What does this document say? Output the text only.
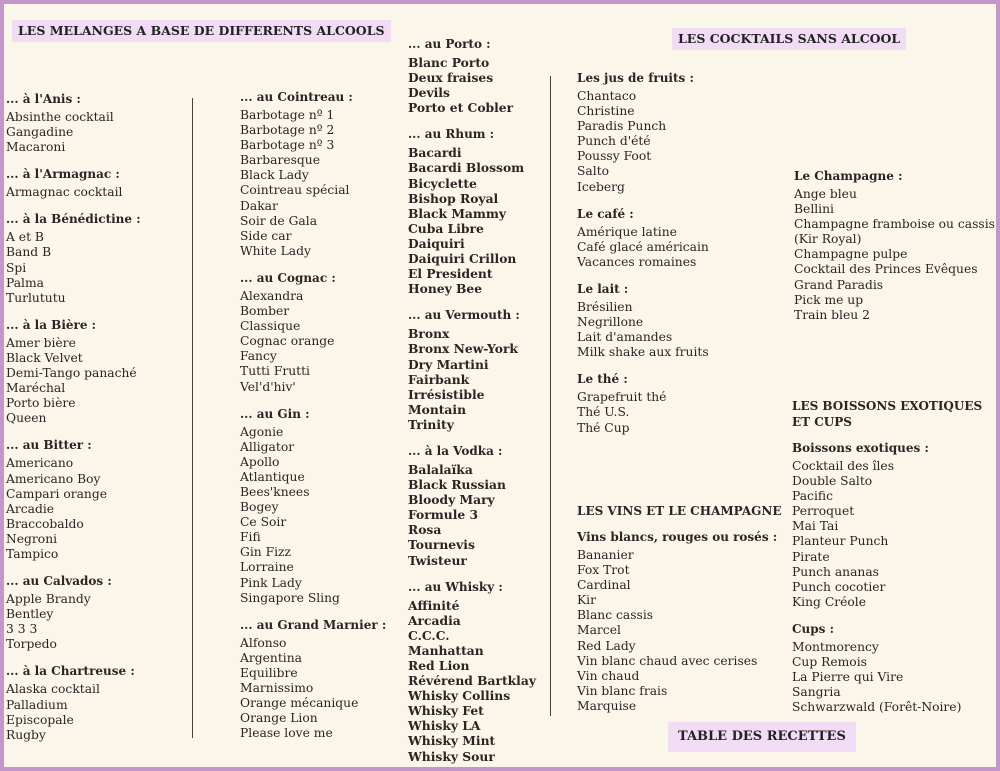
LES MELANGES A BASE DE DIFFERENTS ALCOOLS
LES COCKTAILS SANS ALCOOL
TABLE DES RECETTES
... à l'Anis :
Absinthe cocktail
Gangadine
Macaroni
... à l'Armagnac :
Armagnac cocktail
... à la Bénédictine :
A et B
Band B
Spi
Palma
Turlututu
... à la Bière :
Amer bière
Black Velvet
Demi-Tango panaché
Maréchal
Porto bière
Queen
... au Bitter :
Americano
Americano Boy
Campari orange
Arcadie
Braccobaldo
Negroni
Tampico
... au Calvados :
Apple Brandy
Bentley
3 3 3
Torpedo
... à la Chartreuse :
Alaska cocktail
Palladium
Episcopale
Rugby
... au Cointreau :
Barbotage nº 1
Barbotage nº 2
Barbotage nº 3
Barbaresque
Black Lady
Cointreau spécial
Dakar
Soir de Gala
Side car
White Lady
... au Cognac :
Alexandra
Bomber
Classique
Cognac orange
Fancy
Tutti Frutti
Vel'd'hiv'
... au Gin :
Agonie
Alligator
Apollo
Atlantique
Bees'knees
Bogey
Ce Soir
Fifi
Gin Fizz
Lorraine
Pink Lady
Singapore Sling
... au Grand Marnier :
Alfonso
Argentina
Equilibre
Marnissimo
Orange mécanique
Orange Lion
Please love me
... au Porto :
Blanc Porto
Deux fraises
Devils
Porto et Cobler
... au Rhum :
Bacardi
Bacardi Blossom
Bicyclette
Bishop Royal
Black Mammy
Cuba Libre
Daiquiri
Daiquiri Crillon
El President
Honey Bee
... au Vermouth :
Bronx
Bronx New-York
Dry Martini
Fairbank
Irrésistible
Montain
Trinity
... à la Vodka :
Balalaïka
Black Russian
Bloody Mary
Formule 3
Rosa
Tournevis
Twisteur
... au Whisky :
Affinité
Arcadia
C.C.C.
Manhattan
Red Lion
Révérend Bartklay
Whisky Collins
Whisky Fet
Whisky LA
Whisky Mint
Whisky Sour
Les jus de fruits :
Chantaco
Christine
Paradis Punch
Punch d'été
Poussy Foot
Salto
Iceberg
Le café :
Amérique latine
Café glacé américain
Vacances romaines
Le lait :
Brésilien
Negrillone
Lait d'amandes
Milk shake aux fruits
Le thé :
Grapefruit thé
Thé U.S.
Thé Cup
LES VINS ET LE CHAMPAGNE
Vins blancs, rouges ou rosés :
Bananier
Fox Trot
Cardinal
Kir
Blanc cassis
Marcel
Red Lady
Vin blanc chaud avec cerises
Vin chaud
Vin blanc frais
Marquise
Le Champagne :
Ange bleu
Bellini
Champagne framboise ou cassis
(Kir Royal)
Champagne pulpe
Cocktail des Princes Evêques
Grand Paradis
Pick me up
Train bleu 2
LES BOISSONS EXOTIQUES ET CUPS
Boissons exotiques :
Cocktail des îles
Double Salto
Pacific
Perroquet
Mai Tai
Planteur Punch
Pirate
Punch ananas
Punch cocotier
King Créole
Cups :
Montmorency
Cup Remois
La Pierre qui Vire
Sangria
Schwarzwald (Forêt-Noire)
